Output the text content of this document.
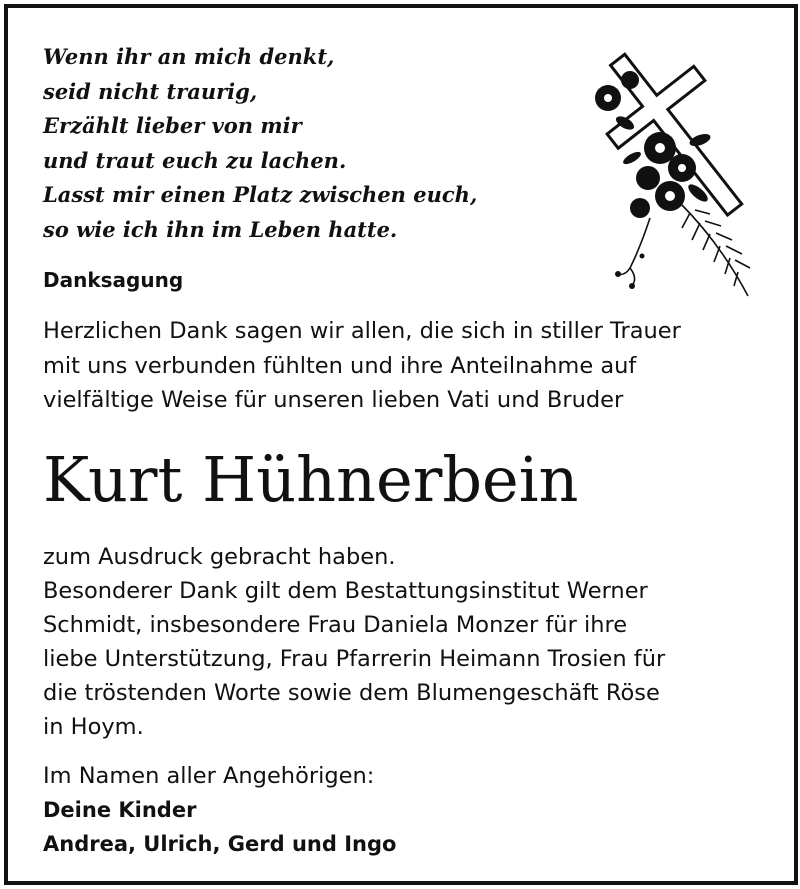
Wenn ihr an mich denkt,
seid nicht traurig,
Erzählt lieber von mir
und traut euch zu lachen.
Lasst mir einen Platz zwischen euch,
so wie ich ihn im Leben hatte.
Danksagung
Herzlichen Dank sagen wir allen, die sich in stiller Trauer
mit uns verbunden fühlten und ihre Anteilnahme auf
vielfältige Weise für unseren lieben Vati und Bruder
Kurt Hühnerbein
zum Ausdruck gebracht haben.
Besonderer Dank gilt dem Bestattungsinstitut Werner
Schmidt, insbesondere Frau Daniela Monzer für ihre
liebe Unterstützung, Frau Pfarrerin Heimann Trosien für
die tröstenden Worte sowie dem Blumengeschäft Röse
in Hoym.
Im Namen aller Angehörigen:
Deine Kinder
Andrea, Ulrich, Gerd und Ingo
